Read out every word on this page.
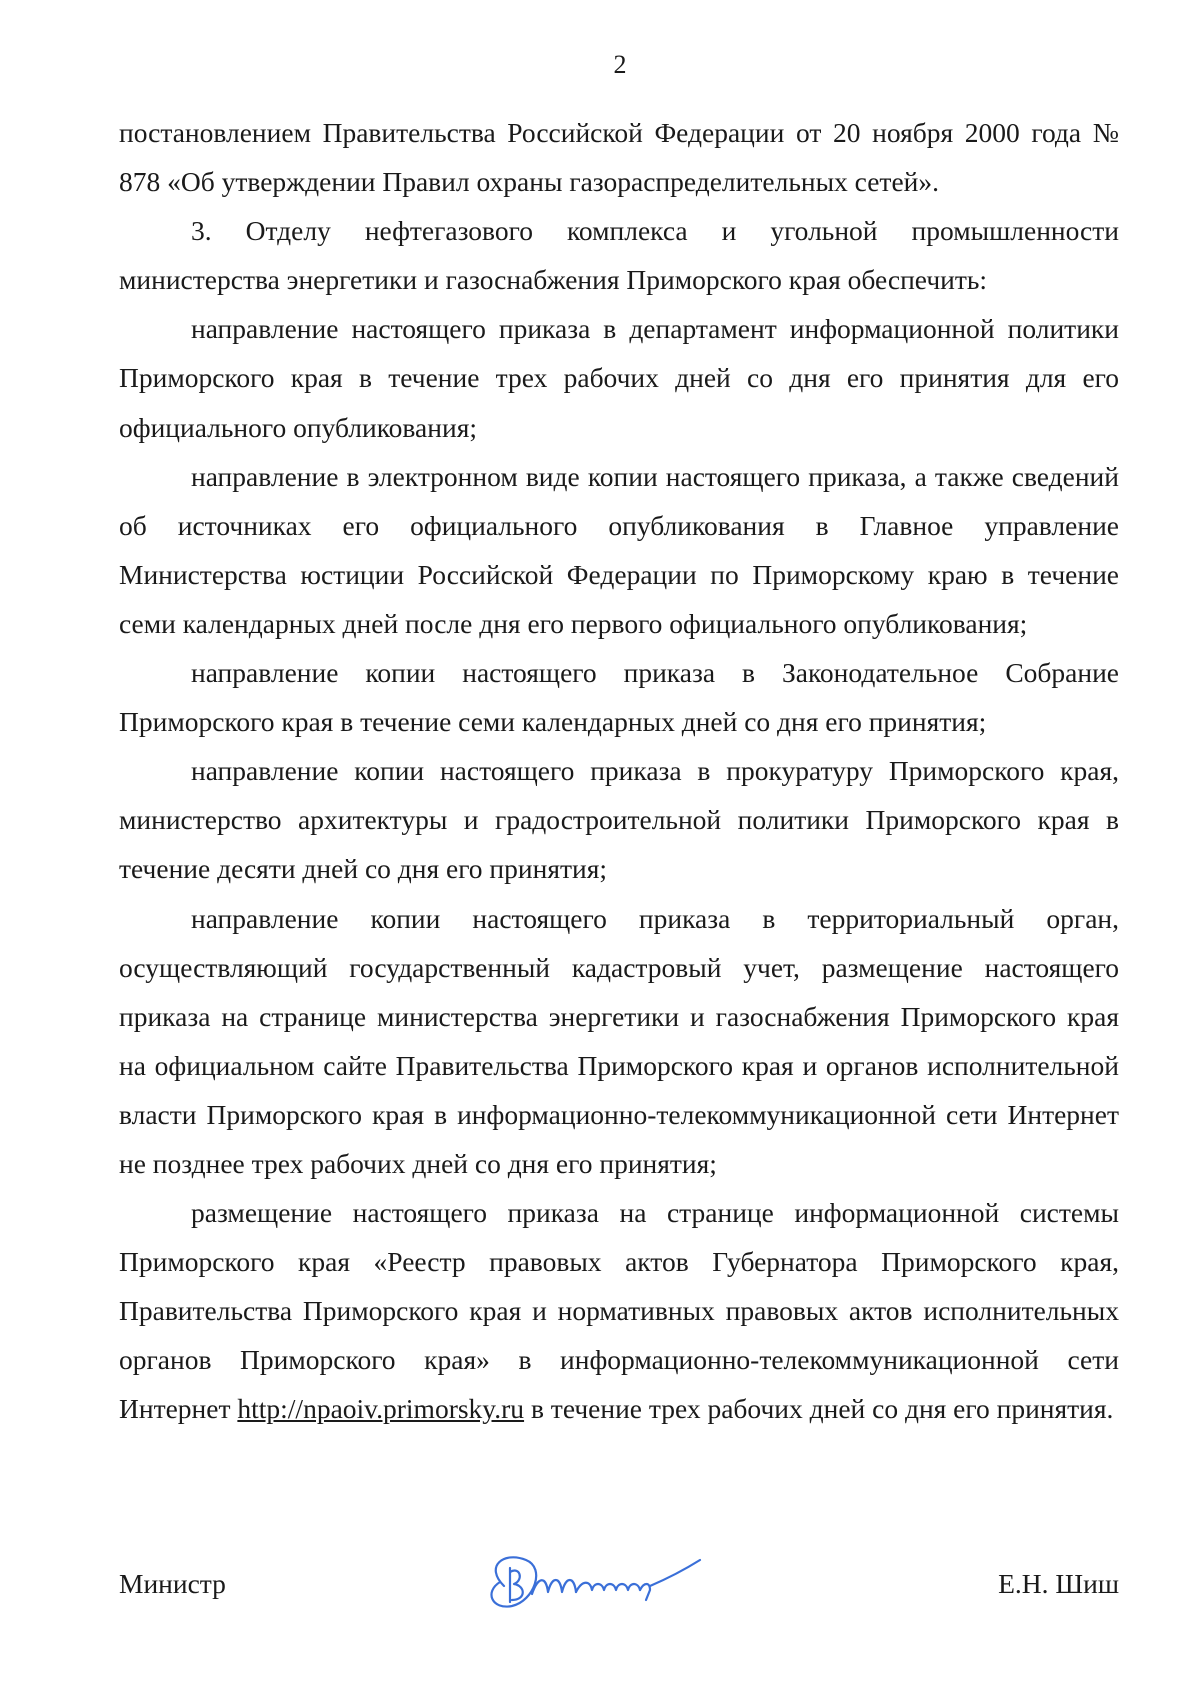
2

постановлением Правительства Российской Федерации от 20 ноября 2000 года № 878 «Об утверждении Правил охраны газораспределительных сетей».

3. Отделу нефтегазового комплекса и угольной промышленности министерства энергетики и газоснабжения Приморского края обеспечить:

направление настоящего приказа в департамент информационной политики Приморского края в течение трех рабочих дней со дня его принятия для его официального опубликования;

направление в электронном виде копии настоящего приказа, а также сведений об источниках его официального опубликования в Главное управление Министерства юстиции Российской Федерации по Приморскому краю в течение семи календарных дней после дня его первого официального опубликования;

направление копии настоящего приказа в Законодательное Собрание Приморского края в течение семи календарных дней со дня его принятия;

направление копии настоящего приказа в прокуратуру Приморского края, министерство архитектуры и градостроительной политики Приморского края в течение десяти дней со дня его принятия;

направление копии настоящего приказа в территориальный орган, осуществляющий государственный кадастровый учет, размещение настоящего приказа на странице министерства энергетики и газоснабжения Приморского края на официальном сайте Правительства Приморского края и органов исполнительной власти Приморского края в информационно-телекоммуникационной сети Интернет не позднее трех рабочих дней со дня его принятия;

размещение настоящего приказа на странице информационной системы Приморского края «Реестр правовых актов Губернатора Приморского края, Правительства Приморского края и нормативных правовых актов исполнительных органов Приморского края» в информационно-телекоммуникационной сети Интернет http://npaoiv.primorsky.ru в течение трех рабочих дней со дня его принятия.

Министр	Е.Н. Шиш
